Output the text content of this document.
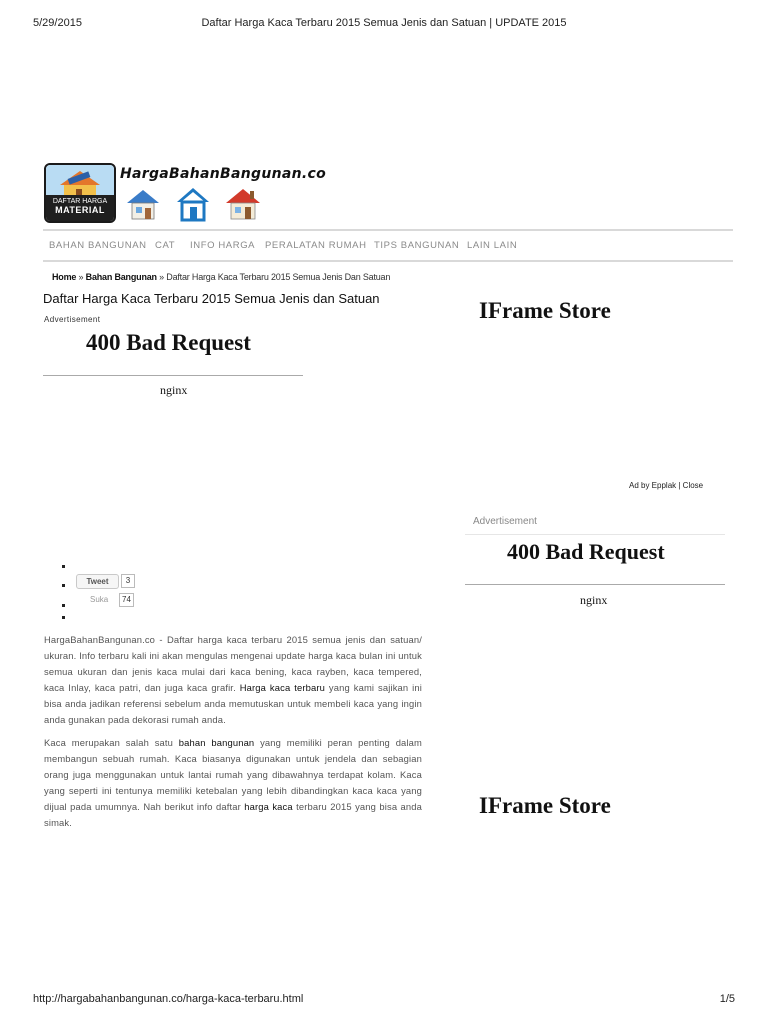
5/29/2015	Daftar Harga Kaca Terbaru 2015 Semua Jenis dan Satuan | UPDATE 2015
DAFTAR HARGA
MATERIAL
HargaBahanBangunan.co
BAHAN BANGUNAN CAT INFO HARGA PERALATAN RUMAH TIPS BANGUNAN LAIN LAIN
Home » Bahan Bangunan » Daftar Harga Kaca Terbaru 2015 Semua Jenis Dan Satuan
Daftar Harga Kaca Terbaru 2015 Semua Jenis dan Satuan
Advertisement
400 Bad Request
nginx
IFrame Store
Ad by Epplak | Close
Advertisement
400 Bad Request
nginx
IFrame Store
Tweet	3
Suka	74
HargaBahanBangunan.co - Daftar harga kaca terbaru 2015 semua jenis dan satuan/ ukuran. Info terbaru kali ini akan mengulas mengenai update harga kaca bulan ini untuk semua ukuran dan jenis kaca mulai dari kaca bening, kaca rayben, kaca tempered, kaca Inlay, kaca patri, dan juga kaca grafir. Harga kaca terbaru yang kami sajikan ini bisa anda jadikan referensi sebelum anda memutuskan untuk membeli kaca yang ingin anda gunakan pada dekorasi rumah anda.
Kaca merupakan salah satu bahan bangunan yang memiliki peran penting dalam membangun sebuah rumah. Kaca biasanya digunakan untuk jendela dan sebagian orang juga menggunakan untuk lantai rumah yang dibawahnya terdapat kolam. Kaca yang seperti ini tentunya memiliki ketebalan yang lebih dibandingkan kaca kaca yang dijual pada umumnya. Nah berikut info daftar harga kaca terbaru 2015 yang bisa anda simak.
http://hargabahanbangunan.co/harga-kaca-terbaru.html	1/5
